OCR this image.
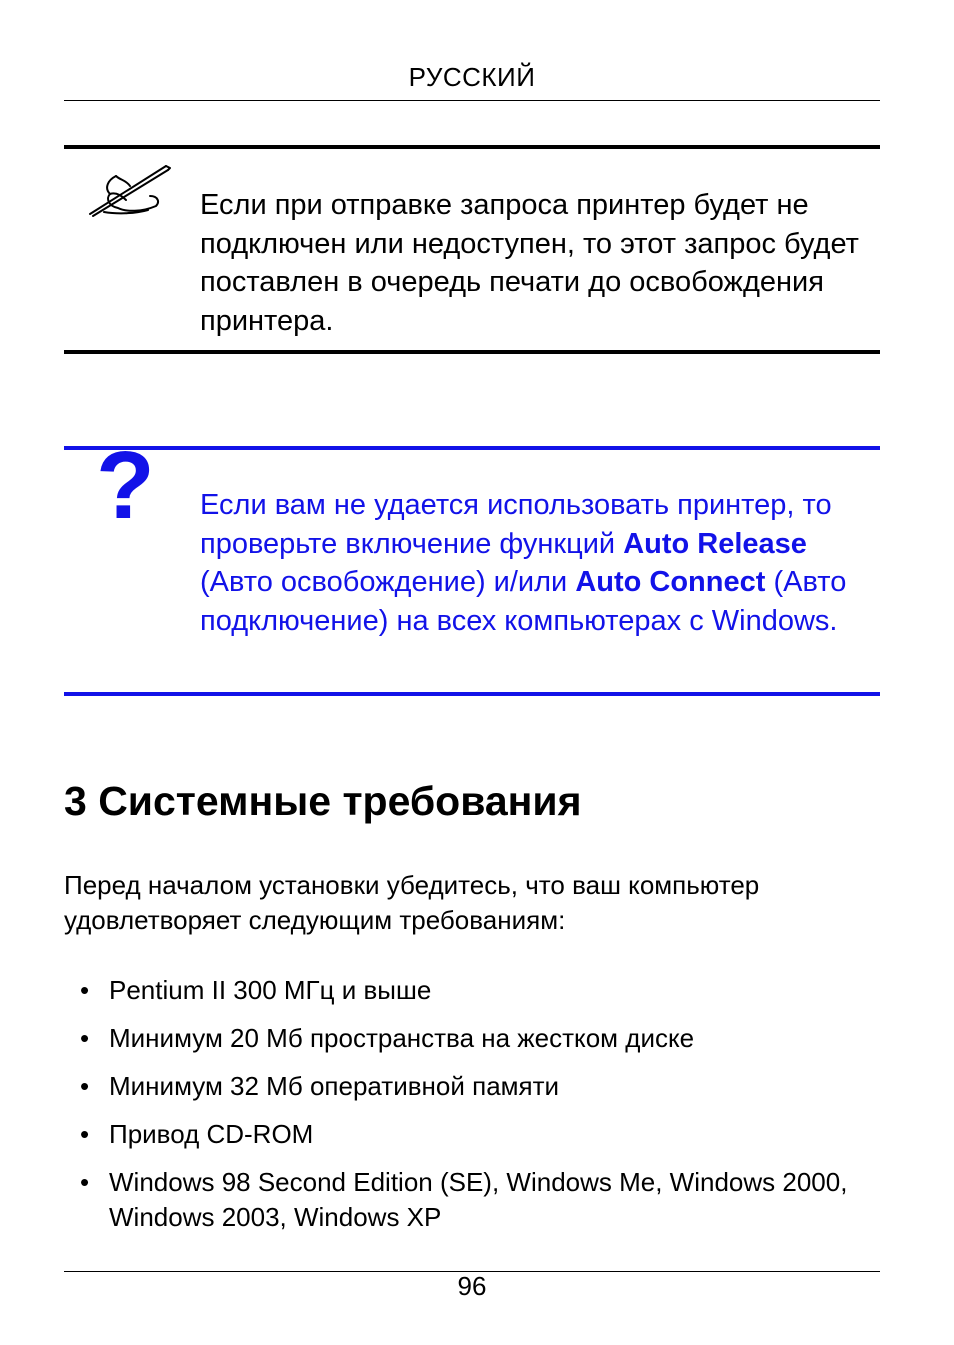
РУССКИЙ
Если при отправке запроса принтер будет не подключен или недоступен, то этот запрос будет поставлен в очередь печати до освобождения принтера.
? Если вам не удается использовать принтер, то проверьте включение функций Auto Release (Авто освобождение) и/или Auto Connect (Авто подключение) на всех компьютерах с Windows.
3 Системные требования
Перед началом установки убедитесь, что ваш компьютер удовлетворяет следующим требованиям:
• Pentium II 300 МГц и выше
• Минимум 20 Мб пространства на жестком диске
• Минимум 32 Мб оперативной памяти
• Привод CD-ROM
• Windows 98 Second Edition (SE), Windows Me, Windows 2000, Windows 2003, Windows XP
96
